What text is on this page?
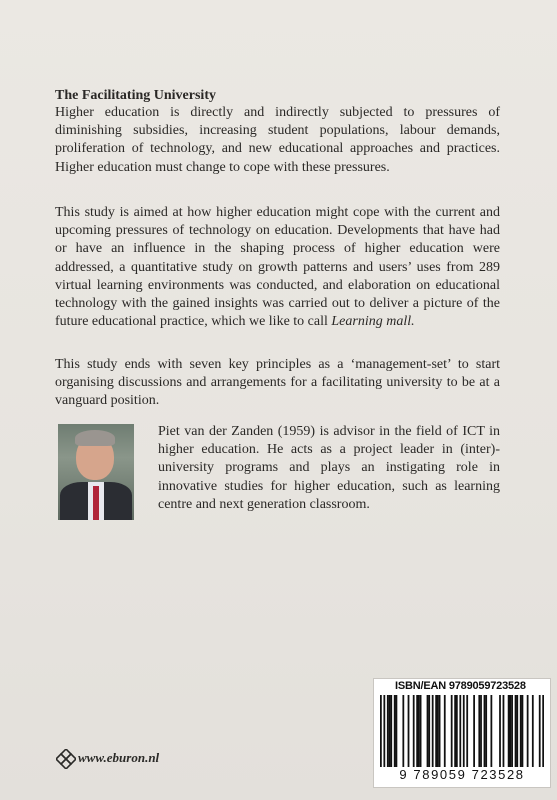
The Facilitating University
Higher education is directly and indirectly subjected to pressures of diminishing subsidies, increasing student populations, labour demands, proliferation of technology, and new educational approaches and practices. Higher education must change to cope with these pressures.
This study is aimed at how higher education might cope with the current and upcoming pressures of technology on education. Developments that have had or have an influence in the shaping process of higher education were addressed, a quantitative study on growth patterns and users’ uses from 289 virtual learning environments was conducted, and elaboration on educational technology with the gained insights was carried out to deliver a picture of the future educational practice, which we like to call Learning mall.
This study ends with seven key principles as a ‘management-set’ to start organising discussions and arrangements for a facilitating university to be at a vanguard position.
Piet van der Zanden (1959) is advisor in the field of ICT in higher education. He acts as a project leader in (inter)-university programs and plays an instigating role in innovative studies for higher education, such as learning centre and next generation classroom.
ISBN/EAN 9789059723528
9 789059 723528
www.eburon.nl
